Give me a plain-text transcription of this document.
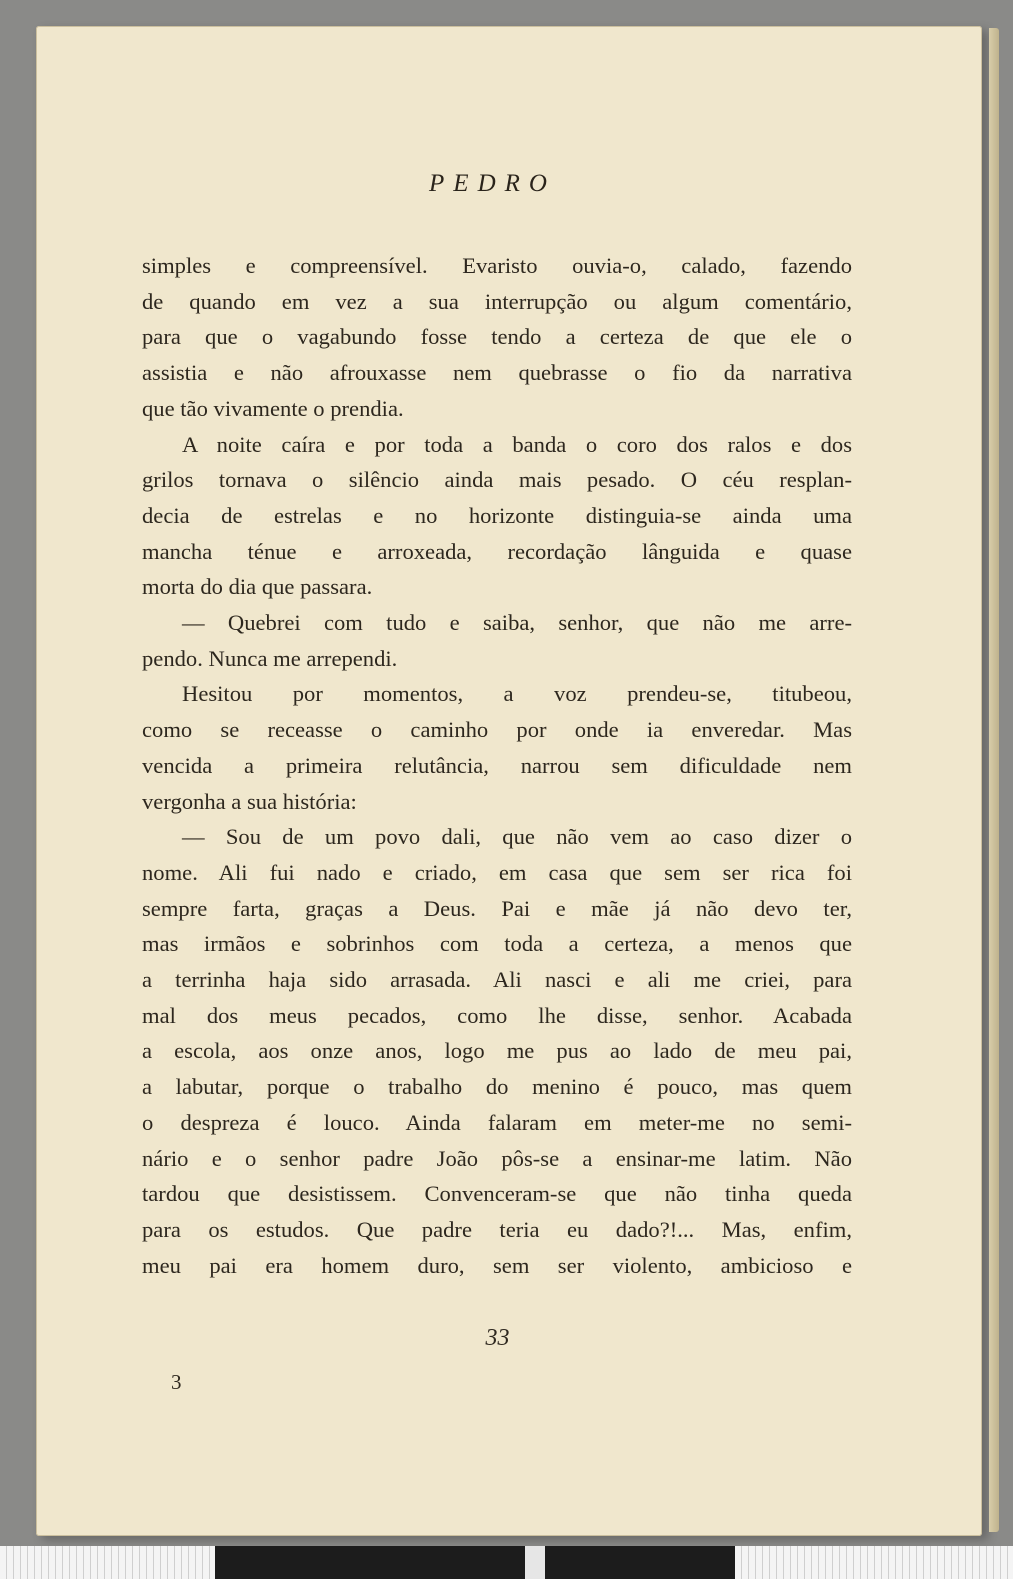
PEDRO
simples e compreensível. Evaristo ouvia-o, calado, fazendo
de quando em vez a sua interrupção ou algum comentário,
para que o vagabundo fosse tendo a certeza de que ele o
assistia e não afrouxasse nem quebrasse o fio da narrativa
que tão vivamente o prendia.
A noite caíra e por toda a banda o coro dos ralos e dos
grilos tornava o silêncio ainda mais pesado. O céu resplan-
decia de estrelas e no horizonte distinguia-se ainda uma
mancha ténue e arroxeada, recordação lânguida e quase
morta do dia que passara.
— Quebrei com tudo e saiba, senhor, que não me arre-
pendo. Nunca me arrependi.
Hesitou por momentos, a voz prendeu-se, titubeou,
como se receasse o caminho por onde ia enveredar. Mas
vencida a primeira relutância, narrou sem dificuldade nem
vergonha a sua história:
— Sou de um povo dali, que não vem ao caso dizer o
nome. Ali fui nado e criado, em casa que sem ser rica foi
sempre farta, graças a Deus. Pai e mãe já não devo ter,
mas irmãos e sobrinhos com toda a certeza, a menos que
a terrinha haja sido arrasada. Ali nasci e ali me criei, para
mal dos meus pecados, como lhe disse, senhor. Acabada
a escola, aos onze anos, logo me pus ao lado de meu pai,
a labutar, porque o trabalho do menino é pouco, mas quem
o despreza é louco. Ainda falaram em meter-me no semi-
nário e o senhor padre João pôs-se a ensinar-me latim. Não
tardou que desistissem. Convenceram-se que não tinha queda
para os estudos. Que padre teria eu dado?!... Mas, enfim,
meu pai era homem duro, sem ser violento, ambicioso e
33
3
